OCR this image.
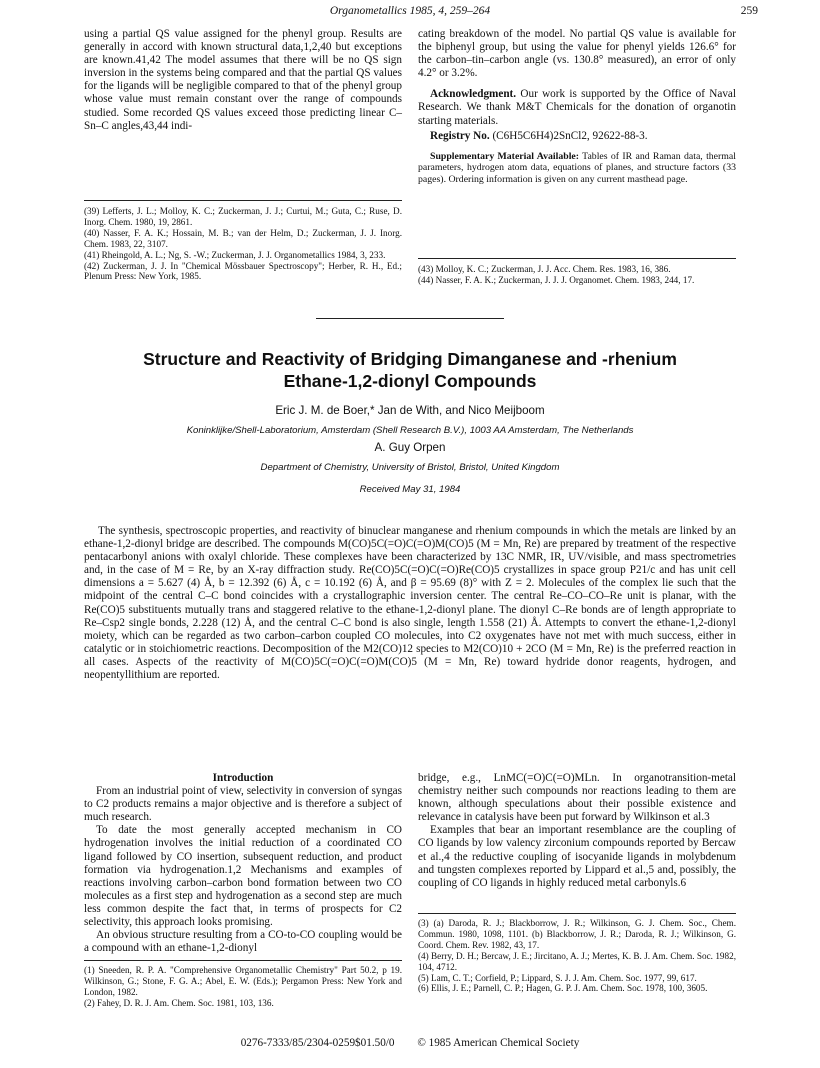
Organometallics 1985, 4, 259–264	259

using a partial QS value assigned for the phenyl group. Results are generally in accord with known structural data,1,2,40 but exceptions are known.41,42 The model assumes that there will be no QS sign inversion in the systems being compared and that the partial QS values for the ligands will be negligible compared to that of the phenyl group whose value must remain constant over the range of compounds studied. Some recorded QS values exceed those predicting linear C–Sn–C angles,43,44 indi-

cating breakdown of the model. No partial QS value is available for the biphenyl group, but using the value for phenyl yields 126.6° for the carbon–tin–carbon angle (vs. 130.8° measured), an error of only 4.2° or 3.2%.

Acknowledgment. Our work is supported by the Office of Naval Research. We thank M&T Chemicals for the donation of organotin starting materials.

Registry No. (C6H5C6H4)2SnCl2, 92622-88-3.

Supplementary Material Available: Tables of IR and Raman data, thermal parameters, hydrogen atom data, equations of planes, and structure factors (33 pages). Ordering information is given on any current masthead page.

(39) Lefferts, J. L.; Molloy, K. C.; Zuckerman, J. J.; Curtui, M.; Guta, C.; Ruse, D. Inorg. Chem. 1980, 19, 2861.

(40) Nasser, F. A. K.; Hossain, M. B.; van der Helm, D.; Zuckerman, J. J. Inorg. Chem. 1983, 22, 3107.

(41) Rheingold, A. L.; Ng, S. -W.; Zuckerman, J. J. Organometallics 1984, 3, 233.

(42) Zuckerman, J. J. In "Chemical Mössbauer Spectroscopy"; Herber, R. H., Ed.; Plenum Press: New York, 1985.

(43) Molloy, K. C.; Zuckerman, J. J. Acc. Chem. Res. 1983, 16, 386.

(44) Nasser, F. A. K.; Zuckerman, J. J. J. Organomet. Chem. 1983, 244, 17.

Structure and Reactivity of Bridging Dimanganese and -rhenium
Ethane-1,2-dionyl Compounds
Eric J. M. de Boer,* Jan de With, and Nico Meijboom
Koninklijke/Shell-Laboratorium, Amsterdam (Shell Research B.V.), 1003 AA Amsterdam, The Netherlands
A. Guy Orpen
Department of Chemistry, University of Bristol, Bristol, United Kingdom
Received May 31, 1984

The synthesis, spectroscopic properties, and reactivity of binuclear manganese and rhenium compounds in which the metals are linked by an ethane-1,2-dionyl bridge are described. The compounds M(CO)5C(=O)C(=O)M(CO)5 (M = Mn, Re) are prepared by treatment of the respective pentacarbonyl anions with oxalyl chloride. These complexes have been characterized by 13C NMR, IR, UV/visible, and mass spectrometries and, in the case of M = Re, by an X-ray diffraction study. Re(CO)5C(=O)C(=O)Re(CO)5 crystallizes in space group P21/c and has unit cell dimensions a = 5.627 (4) Å, b = 12.392 (6) Å, c = 10.192 (6) Å, and β = 95.69 (8)° with Z = 2. Molecules of the complex lie such that the midpoint of the central C–C bond coincides with a crystallographic inversion center. The central Re–CO–CO–Re unit is planar, with the Re(CO)5 substituents mutually trans and staggered relative to the ethane-1,2-dionyl plane. The dionyl C–Re bonds are of length appropriate to Re–Csp2 single bonds, 2.228 (12) Å, and the central C–C bond is also single, length 1.558 (21) Å. Attempts to convert the ethane-1,2-dionyl moiety, which can be regarded as two carbon–carbon coupled CO molecules, into C2 oxygenates have not met with much success, either in catalytic or in stoichiometric reactions. Decomposition of the M2(CO)12 species to M2(CO)10 + 2CO (M = Mn, Re) is the preferred reaction in all cases. Aspects of the reactivity of M(CO)5C(=O)C(=O)M(CO)5 (M = Mn, Re) toward hydride donor reagents, hydrogen, and neopentyllithium are reported.

Introduction

From an industrial point of view, selectivity in conversion of syngas to C2 products remains a major objective and is therefore a subject of much research.

To date the most generally accepted mechanism in CO hydrogenation involves the initial reduction of a coordinated CO ligand followed by CO insertion, subsequent reduction, and product formation via hydrogenation.1,2 Mechanisms and examples of reactions involving carbon–carbon bond formation between two CO molecules as a first step and hydrogenation as a second step are much less common despite the fact that, in terms of prospects for C2 selectivity, this approach looks promising.

An obvious structure resulting from a CO-to-CO coupling would be a compound with an ethane-1,2-dionyl

bridge, e.g., LnMC(=O)C(=O)MLn. In organotransition-metal chemistry neither such compounds nor reactions leading to them are known, although speculations about their possible existence and relevance in catalysis have been put forward by Wilkinson et al.3

Examples that bear an important resemblance are the coupling of CO ligands by low valency zirconium compounds reported by Bercaw et al.,4 the reductive coupling of isocyanide ligands in molybdenum and tungsten complexes reported by Lippard et al.,5 and, possibly, the coupling of CO ligands in highly reduced metal carbonyls.6

(1) Sneeden, R. P. A. "Comprehensive Organometallic Chemistry" Part 50.2, p 19. Wilkinson, G.; Stone, F. G. A.; Abel, E. W. (Eds.); Pergamon Press: New York and London, 1982.

(2) Fahey, D. R. J. Am. Chem. Soc. 1981, 103, 136.

(3) (a) Daroda, R. J.; Blackborrow, J. R.; Wilkinson, G. J. Chem. Soc., Chem. Commun. 1980, 1098, 1101. (b) Blackborrow, J. R.; Daroda, R. J.; Wilkinson, G. Coord. Chem. Rev. 1982, 43, 17.

(4) Berry, D. H.; Bercaw, J. E.; Jircitano, A. J.; Mertes, K. B. J. Am. Chem. Soc. 1982, 104, 4712.

(5) Lam, C. T.; Corfield, P.; Lippard, S. J. J. Am. Chem. Soc. 1977, 99, 617.

(6) Ellis, J. E.; Parnell, C. P.; Hagen, G. P. J. Am. Chem. Soc. 1978, 100, 3605.

0276-7333/85/2304-0259$01.50/0 © 1985 American Chemical Society
